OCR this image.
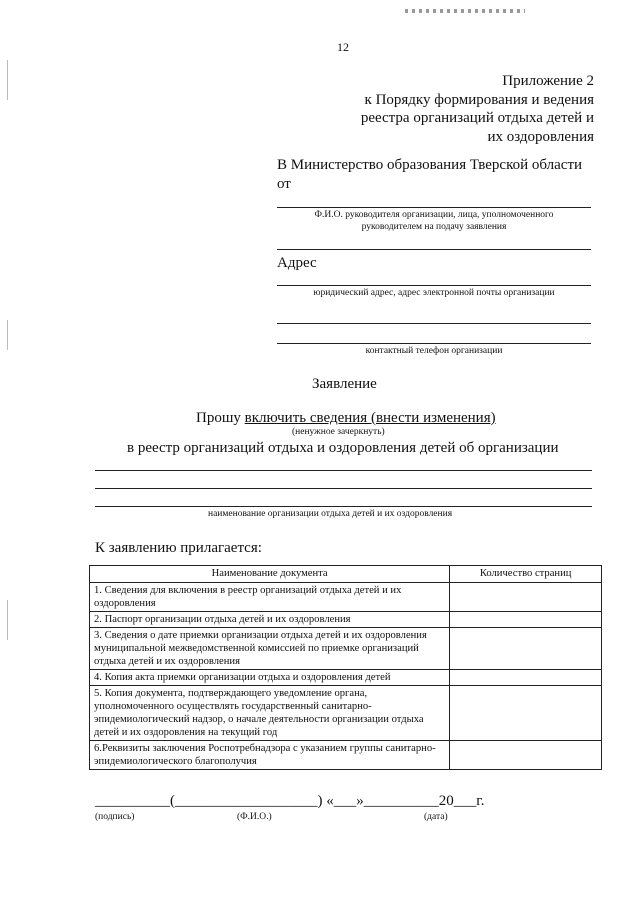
12
Приложение 2
к Порядку формирования и ведения
реестра организаций отдыха детей и
их оздоровления
В Министерство образования Тверской области
от
Ф.И.О. руководителя организации, лица, уполномоченного
руководителем на подачу заявления
Адрес
юридический адрес, адрес электронной почты организации
контактный телефон организации
Заявление
Прошу включить сведения (внести изменения)
(ненужное зачеркнуть)
в реестр организаций отдыха и оздоровления детей об организации
наименование организации отдыха детей и их оздоровления
К заявлению прилагается:
Наименование документа	Количество страниц
1. Сведения для включения в реестр организаций отдыха детей и их оздоровления	
2. Паспорт организации отдыха детей и их оздоровления	
3. Сведения о дате приемки организации отдыха детей и их оздоровления муниципальной межведомственной комиссией по приемке организаций отдыха детей и их оздоровления	
4. Копия акта приемки организации отдыха и оздоровления детей	
5. Копия документа, подтверждающего уведомление органа, уполномоченного осуществлять государственный санитарно-эпидемиологический надзор, о начале деятельности организации отдыха детей и их оздоровления на текущий год	
6.Реквизиты заключения Роспотребнадзора с указанием группы санитарно-эпидемиологического благополучия	
__________(___________________) «___»__________20___г.
(подпись)	(Ф.И.О.)	(дата)
